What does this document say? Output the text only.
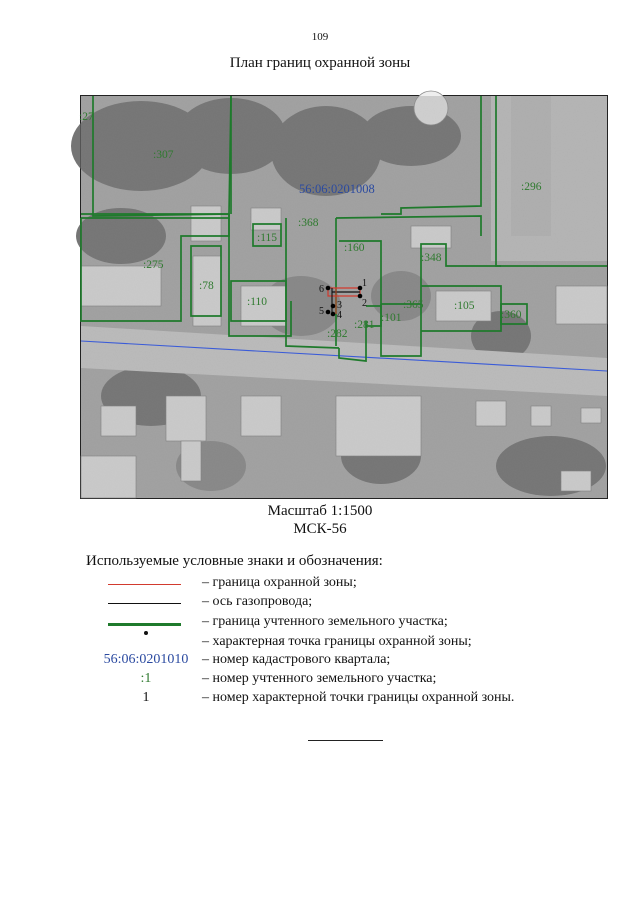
109
План границ охранной зоны
56:06:0201008
:27
:307
:296
:368
:115
:160
:348
:275
:78
:110	:365	:105
:360
:101
:281
:282
1
2
3
4
5
6
Масштаб 1:1500
МСК-56
Используемые условные знаки и обозначения:
– граница охранной зоны;
– ось газопровода;
– граница учтенного земельного участка;
– характерная точка границы охранной зоны;
56:06:0201010 – номер кадастрового квартала;
:1	– номер учтенного земельного участка;
1	– номер характерной точки границы охранной зоны.
